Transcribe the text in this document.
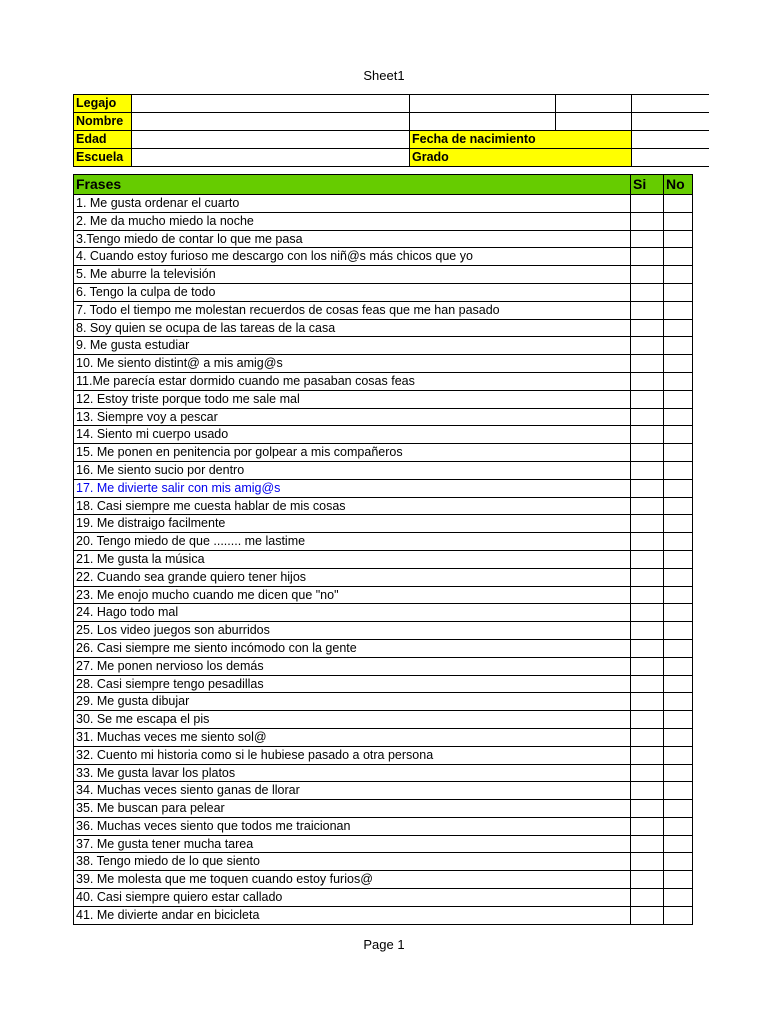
Sheet1
Legajo				
Nombre				
Edad		Fecha de nacimiento		
Escuela		Grado		
Frases	Si	No
1. Me gusta ordenar el cuarto		
2. Me da mucho miedo la noche		
3.Tengo miedo de contar lo que me pasa		
4. Cuando estoy furioso me descargo con los niñ@s más chicos que yo		
5. Me aburre la televisión		
6. Tengo la culpa de todo		
7. Todo el tiempo me molestan recuerdos de cosas feas que me han pasado		
8. Soy quien se ocupa de las tareas de la casa		
9. Me gusta estudiar		
10. Me siento distint@ a mis amig@s		
11.Me parecía estar dormido cuando me pasaban cosas feas		
12. Estoy triste porque todo me sale mal		
13. Siempre voy a pescar		
14. Siento mi cuerpo usado		
15. Me ponen en penitencia por golpear a mis compañeros		
16. Me siento sucio por dentro		
17. Me divierte salir con mis amig@s		
18. Casi siempre me cuesta hablar de mis cosas		
19. Me distraigo facilmente		
20. Tengo miedo de que ........ me lastime		
21. Me gusta la música		
22. Cuando sea grande quiero tener hijos		
23. Me enojo mucho cuando me dicen que "no"		
24. Hago todo mal		
25. Los video juegos son aburridos		
26. Casi siempre me siento incómodo con la gente		
27. Me ponen nervioso los demás		
28. Casi siempre tengo pesadillas		
29. Me gusta dibujar		
30. Se me escapa el pis		
31. Muchas veces me siento sol@		
32. Cuento mi historia como si le hubiese pasado a otra persona		
33. Me gusta lavar los platos		
34. Muchas veces siento ganas de llorar		
35. Me buscan para pelear		
36. Muchas veces siento que todos me traicionan		
37. Me gusta tener mucha tarea		
38. Tengo miedo de lo que siento		
39. Me molesta que me toquen cuando estoy furios@		
40. Casi siempre quiero estar callado		
41. Me divierte andar en bicicleta		
Page 1
